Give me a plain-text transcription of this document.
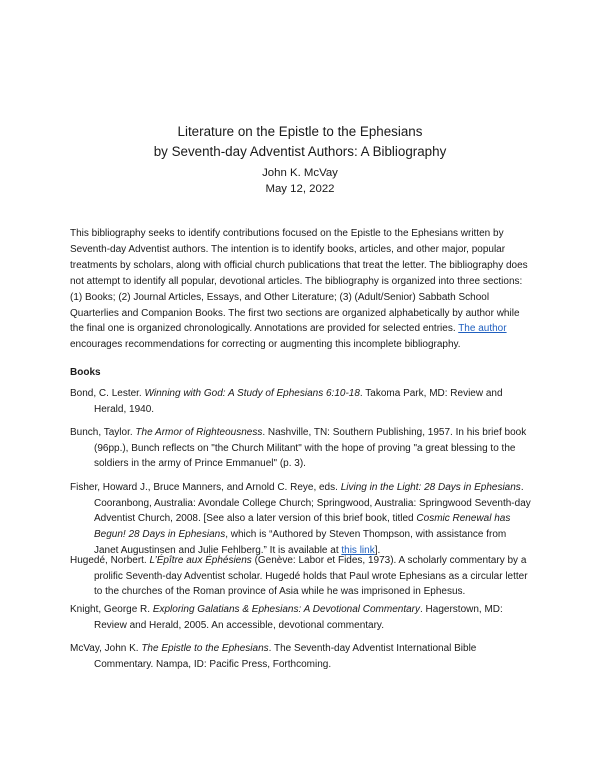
Literature on the Epistle to the Ephesians
by Seventh-day Adventist Authors: A Bibliography
John K. McVay
May 12, 2022
This bibliography seeks to identify contributions focused on the Epistle to the Ephesians written by Seventh-day Adventist authors. The intention is to identify books, articles, and other major, popular treatments by scholars, along with official church publications that treat the letter. The bibliography does not attempt to identify all popular, devotional articles. The bibliography is organized into three sections: (1) Books; (2) Journal Articles, Essays, and Other Literature; (3) (Adult/Senior) Sabbath School Quarterlies and Companion Books. The first two sections are organized alphabetically by author while the final one is organized chronologically. Annotations are provided for selected entries. The author encourages recommendations for correcting or augmenting this incomplete bibliography.
Books
Bond, C. Lester. Winning with God: A Study of Ephesians 6:10-18. Takoma Park, MD: Review and Herald, 1940.
Bunch, Taylor. The Armor of Righteousness. Nashville, TN: Southern Publishing, 1957. In his brief book (96pp.), Bunch reflects on "the Church Militant" with the hope of proving "a great blessing to the soldiers in the army of Prince Emmanuel" (p. 3).
Fisher, Howard J., Bruce Manners, and Arnold C. Reye, eds. Living in the Light: 28 Days in Ephesians. Cooranbong, Australia: Avondale College Church; Springwood, Australia: Springwood Seventh-day Adventist Church, 2008. [See also a later version of this brief book, titled Cosmic Renewal has Begun! 28 Days in Ephesians, which is “Authored by Steven Thompson, with assistance from Janet Augustinsen and Julie Fehlberg.” It is available at this link].
Hugedé, Norbert. L’Épître aux Éphésiens (Genève: Labor et Fides, 1973). A scholarly commentary by a prolific Seventh-day Adventist scholar. Hugedé holds that Paul wrote Ephesians as a circular letter to the churches of the Roman province of Asia while he was imprisoned in Ephesus.
Knight, George R. Exploring Galatians & Ephesians: A Devotional Commentary. Hagerstown, MD: Review and Herald, 2005. An accessible, devotional commentary.
McVay, John K. The Epistle to the Ephesians. The Seventh-day Adventist International Bible Commentary. Nampa, ID: Pacific Press, Forthcoming.
